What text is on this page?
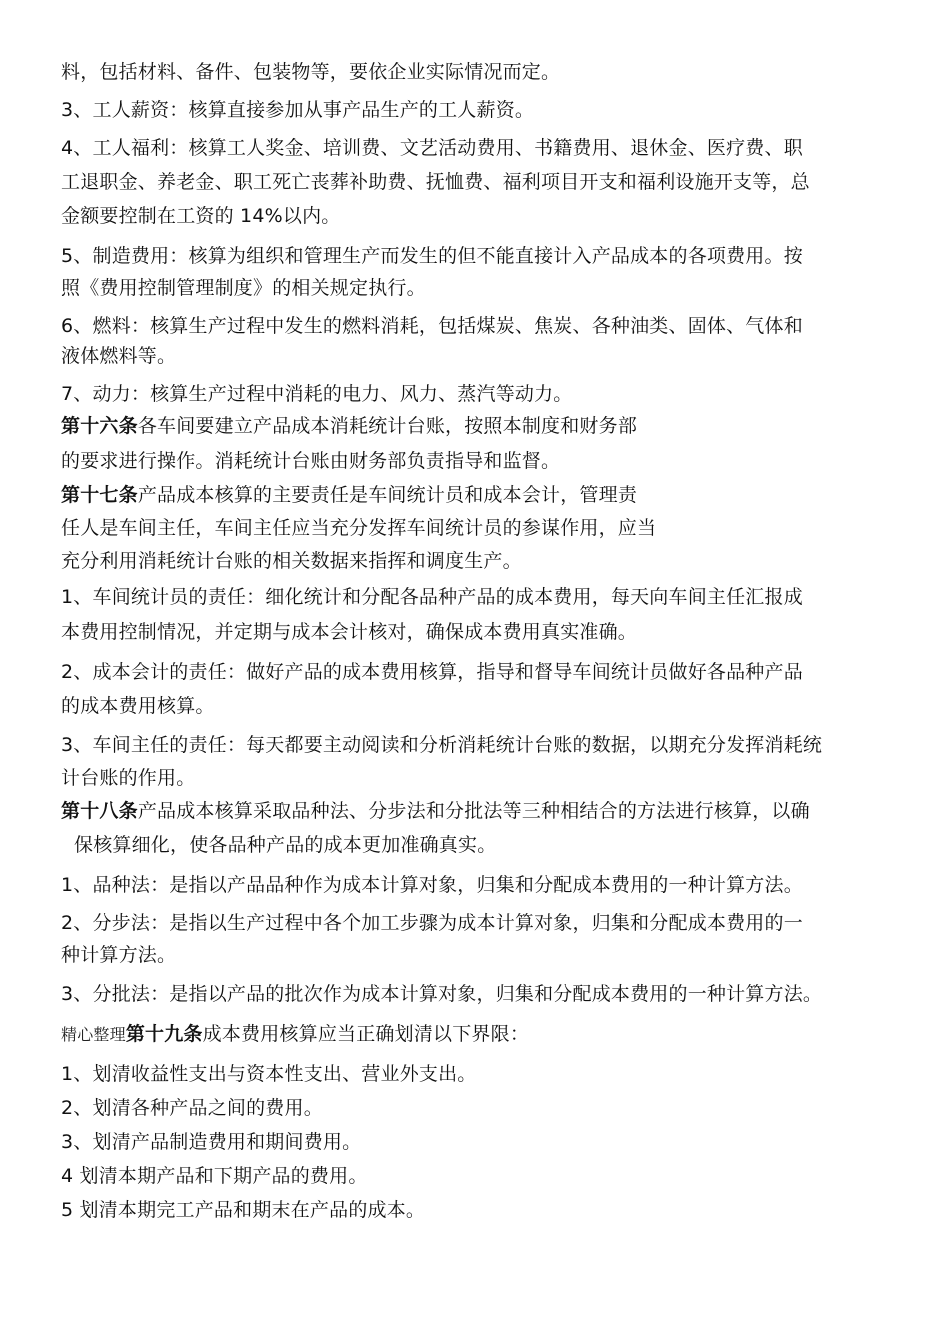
料，包括材料、备件、包装物等，要依企业实际情况而定。
3、工人薪资：核算直接参加从事产品生产的工人薪资。
4、工人福利：核算工人奖金、培训费、文艺活动费用、书籍费用、退休金、医疗费、职
工退职金、养老金、职工死亡丧葬补助费、抚恤费、福利项目开支和福利设施开支等，总
金额要控制在工资的 14%以内。
5、制造费用：核算为组织和管理生产而发生的但不能直接计入产品成本的各项费用。按
照《费用控制管理制度》的相关规定执行。
6、燃料：核算生产过程中发生的燃料消耗，包括煤炭、焦炭、各种油类、固体、气体和
液体燃料等。
7、动力：核算生产过程中消耗的电力、风力、蒸汽等动力。
第十六条各车间要建立产品成本消耗统计台账，按照本制度和财务部
的要求进行操作。消耗统计台账由财务部负责指导和监督。
第十七条产品成本核算的主要责任是车间统计员和成本会计，管理责
任人是车间主任，车间主任应当充分发挥车间统计员的参谋作用，应当
充分利用消耗统计台账的相关数据来指挥和调度生产。
1、车间统计员的责任：细化统计和分配各品种产品的成本费用，每天向车间主任汇报成
本费用控制情况，并定期与成本会计核对，确保成本费用真实准确。
2、成本会计的责任：做好产品的成本费用核算，指导和督导车间统计员做好各品种产品
的成本费用核算。
3、车间主任的责任：每天都要主动阅读和分析消耗统计台账的数据，以期充分发挥消耗统
计台账的作用。
第十八条产品成本核算采取品种法、分步法和分批法等三种相结合的方法进行核算，以确
保核算细化，使各品种产品的成本更加准确真实。
1、品种法：是指以产品品种作为成本计算对象，归集和分配成本费用的一种计算方法。
2、分步法：是指以生产过程中各个加工步骤为成本计算对象，归集和分配成本费用的一
种计算方法。
3、分批法：是指以产品的批次作为成本计算对象，归集和分配成本费用的一种计算方法。
精心整理第十九条成本费用核算应当正确划清以下界限：
1、划清收益性支出与资本性支出、营业外支出。
2、划清各种产品之间的费用。
3、划清产品制造费用和期间费用。
4 划清本期产品和下期产品的费用。
5 划清本期完工产品和期末在产品的成本。
